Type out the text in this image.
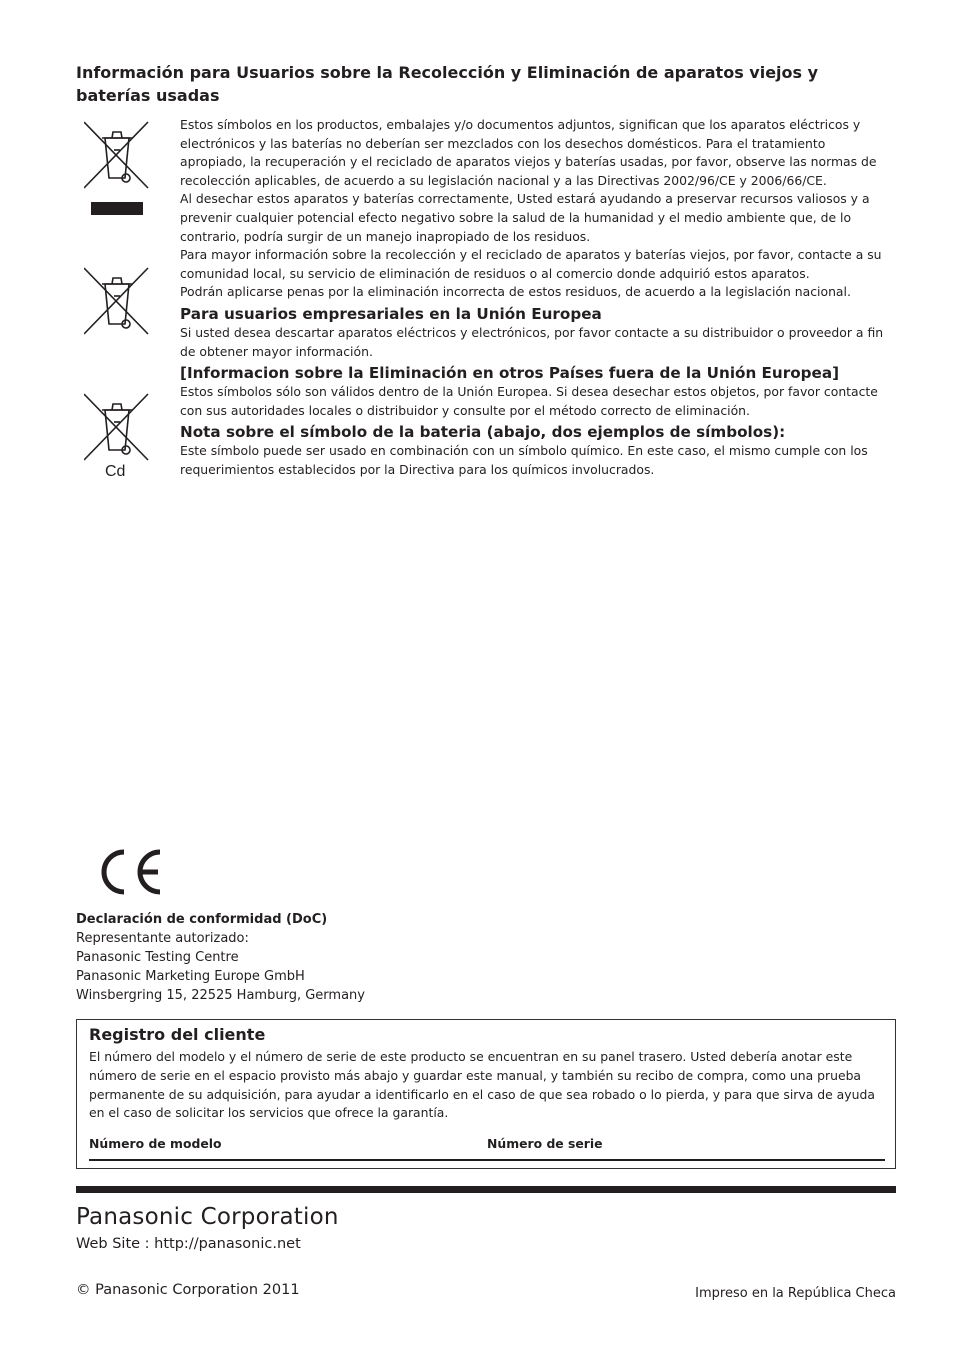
Información para Usuarios sobre la Recolección y Eliminación de aparatos viejos y baterías usadas
Cd

Estos símbolos en los productos, embalajes y/o documentos adjuntos, significan que los aparatos eléctricos y electrónicos y las baterías no deberían ser mezclados con los desechos domésticos. Para el tratamiento apropiado, la recuperación y el reciclado de aparatos viejos y baterías usadas, por favor, observe las normas de recolección aplicables, de acuerdo a su legislación nacional y a las Directivas 2002/96/CE y 2006/66/CE.

Al desechar estos aparatos y baterías correctamente, Usted estará ayudando a preservar recursos valiosos y a prevenir cualquier potencial efecto negativo sobre la salud de la humanidad y el medio ambiente que, de lo contrario, podría surgir de un manejo inapropiado de los residuos.

Para mayor información sobre la recolección y el reciclado de aparatos y baterías viejos, por favor, contacte a su comunidad local, su servicio de eliminación de residuos o al comercio donde adquirió estos aparatos.

Podrán aplicarse penas por la eliminación incorrecta de estos residuos, de acuerdo a la legislación nacional.

Para usuarios empresariales en la Unión Europea

Si usted desea descartar aparatos eléctricos y electrónicos, por favor contacte a su distribuidor o proveedor a fin de obtener mayor información.

[Informacion sobre la Eliminación en otros Países fuera de la Unión Europea]

Estos símbolos sólo son válidos dentro de la Unión Europea. Si desea desechar estos objetos, por favor contacte con sus autoridades locales o distribuidor y consulte por el método correcto de eliminación.

Nota sobre el símbolo de la bateria (abajo, dos ejemplos de símbolos):

Este símbolo puede ser usado en combinación con un símbolo químico. En este caso, el mismo cumple con los requerimientos establecidos por la Directiva para los químicos involucrados.

Declaración de conformidad (DoC)
Representante autorizado:
Panasonic Testing Centre
Panasonic Marketing Europe GmbH
Winsbergring 15, 22525 Hamburg, Germany
Registro del cliente
El número del modelo y el número de serie de este producto se encuentran en su panel trasero. Usted debería anotar este número de serie en el espacio provisto más abajo y guardar este manual, y también su recibo de compra, como una prueba permanente de su adquisición, para ayudar a identificarlo en el caso de que sea robado o lo pierda, y para que sirva de ayuda en el caso de solicitar los servicios que ofrece la garantía.
Número de modelo	Número de serie
Panasonic Corporation
Web Site : http://panasonic.net
© Panasonic Corporation 2011	Impreso en la República Checa
